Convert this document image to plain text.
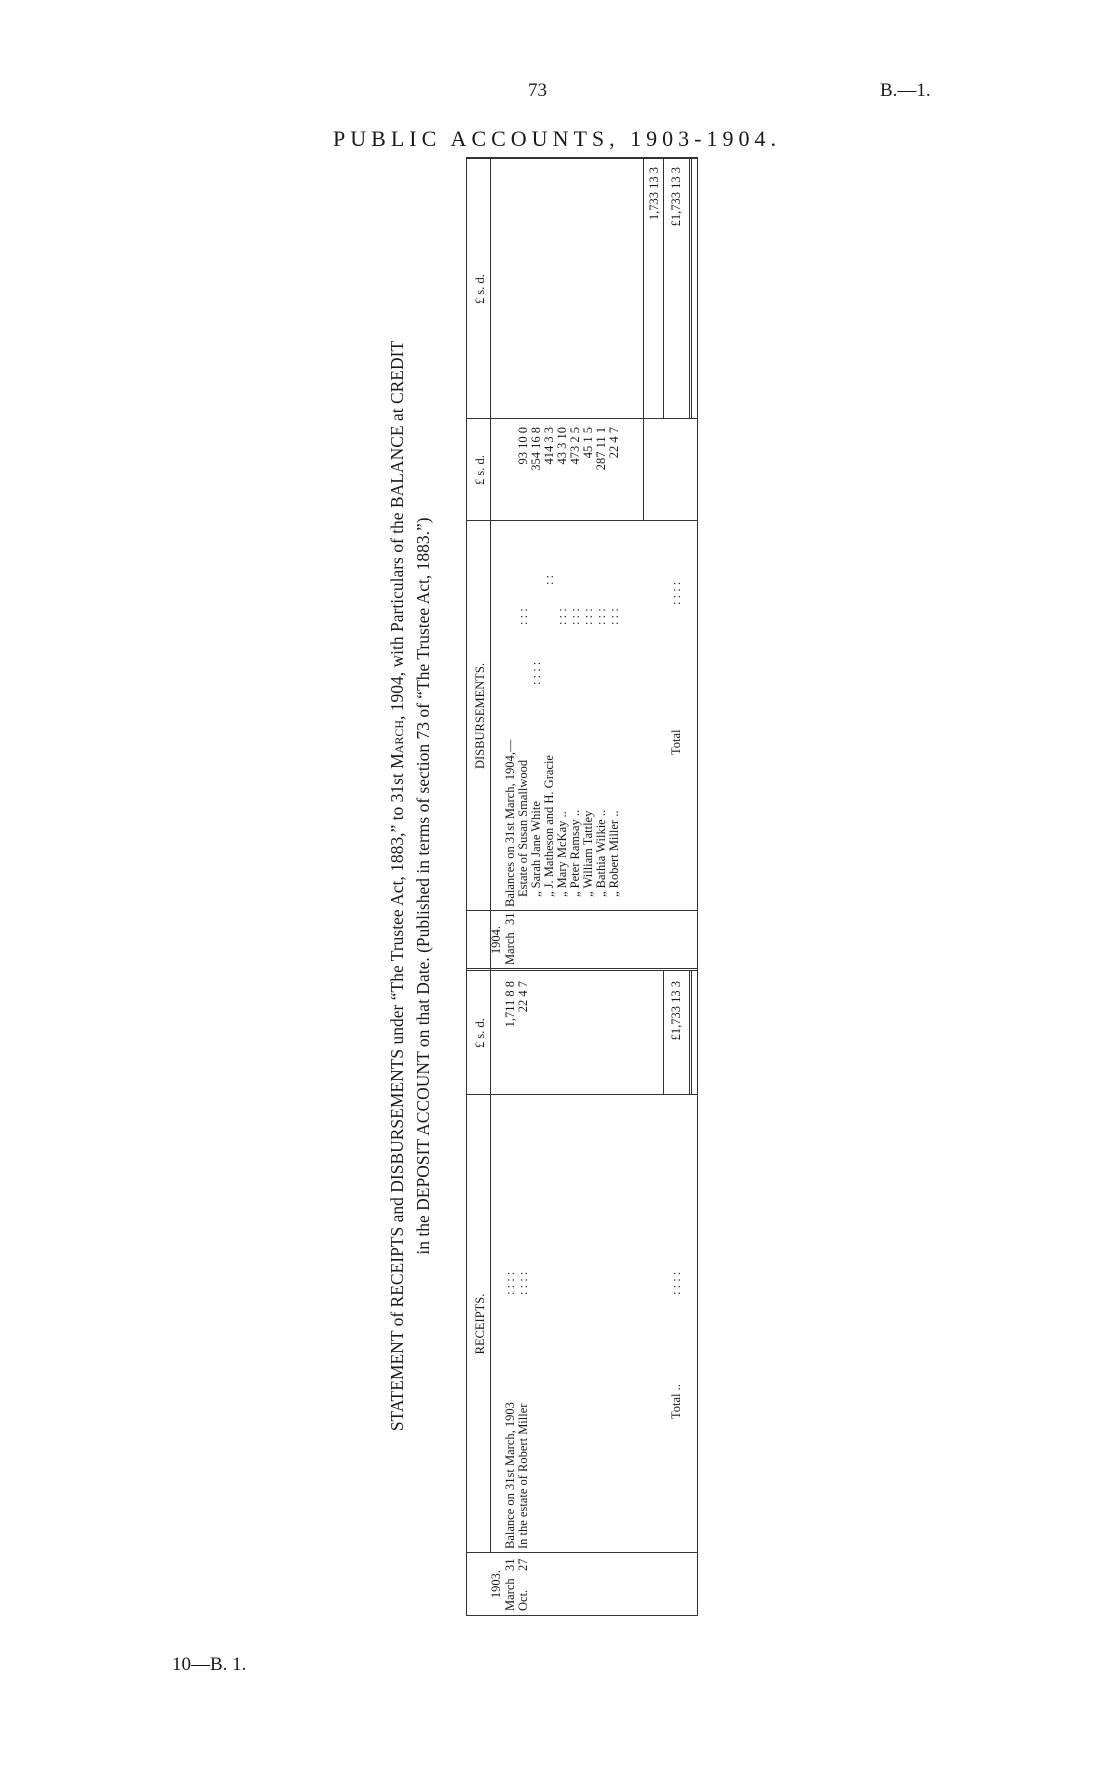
73	B.—1.
PUBLIC ACCOUNTS, 1903-1904.
STATEMENT of RECEIPTS and DISBURSEMENTS under “The Trustee Act, 1883,” to 31st March, 1904, with Particulars of the BALANCE at CREDIT in the DEPOSIT ACCOUNT on that Date. (Published in terms of section 73 of “The Trustee Act, 1883.”)
RECEIPTS.
£ s. d.
1903. March
31
Balance on 31st March, 1903
: : : :
1,711 8 8
Oct.
27
In the estate of Robert Miller
: : : :
22 4 7
Total ..
: : : :
£1,733 13 3
DISBURSEMENTS.
£ s. d.
£ s. d.
1904. March
31
Balances on 31st March, 1904,— Estate of Susan Smallwood
: : :
93 10 0
„ Sarah Jane White
: : : :
354 16 8
„ J. Matheson and H. Gracie
: :
414 3 3
„ Mary McKay ..
: : :
43 3 10
„ Peter Ramsay ..
: : :
473 2 5
„ William Tattley
: : :
45 1 5
„ Bathia Wilkie ..
: : :
287 11 1
„ Robert Miller ..
: : :
22 4 7
1,733 13 3
Total
: : : :
£1,733 13 3
10—B. 1.
